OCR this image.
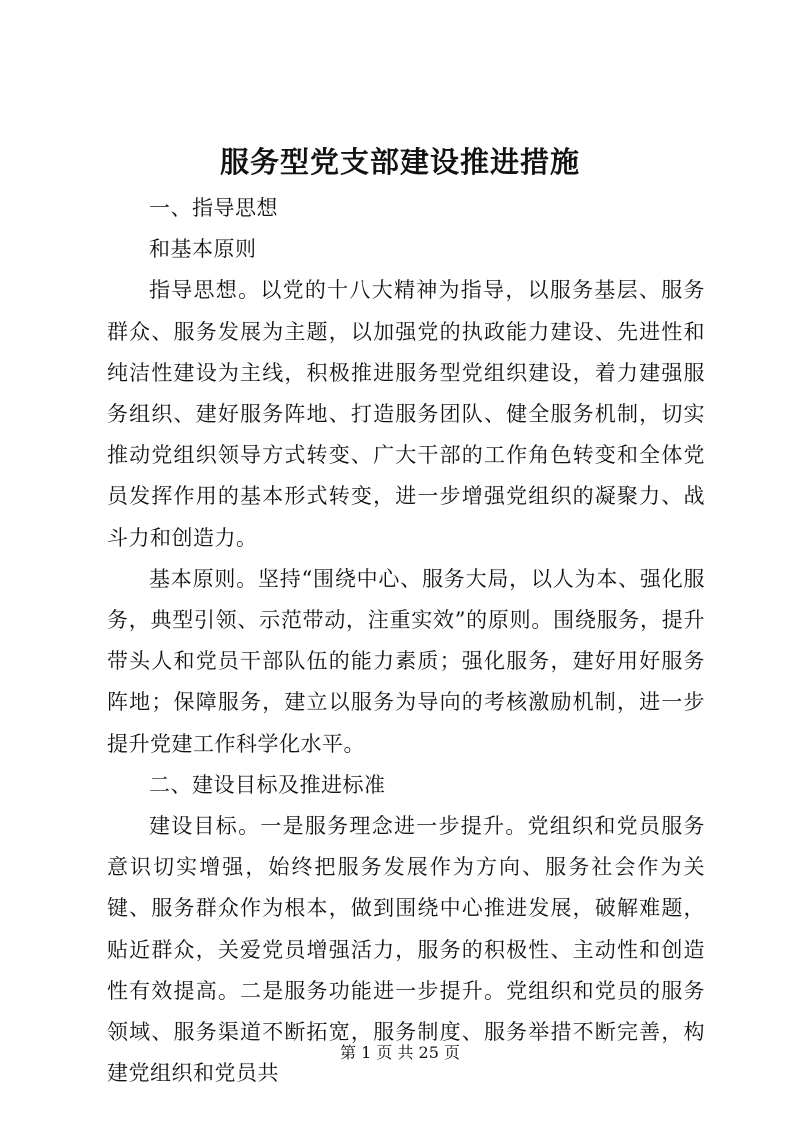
服务型党支部建设推进措施

一、指导思想

和基本原则

指导思想。以党的十八大精神为指导，以服务基层、服务群众、服务发展为主题，以加强党的执政能力建设、先进性和纯洁性建设为主线，积极推进服务型党组织建设，着力建强服务组织、建好服务阵地、打造服务团队、健全服务机制，切实推动党组织领导方式转变、广大干部的工作角色转变和全体党员发挥作用的基本形式转变，进一步增强党组织的凝聚力、战斗力和创造力。

基本原则。坚持“围绕中心、服务大局，以人为本、强化服务，典型引领、示范带动，注重实效”的原则。围绕服务，提升带头人和党员干部队伍的能力素质；强化服务，建好用好服务阵地；保障服务，建立以服务为导向的考核激励机制，进一步提升党建工作科学化水平。

二、建设目标及推进标准

建设目标。一是服务理念进一步提升。党组织和党员服务意识切实增强，始终把服务发展作为方向、服务社会作为关键、服务群众作为根本，做到围绕中心推进发展，破解难题，贴近群众，关爱党员增强活力，服务的积极性、主动性和创造性有效提高。二是服务功能进一步提升。党组织和党员的服务领域、服务渠道不断拓宽，服务制度、服务举措不断完善，构建党组织和党员共

第 1 页 共 25 页
